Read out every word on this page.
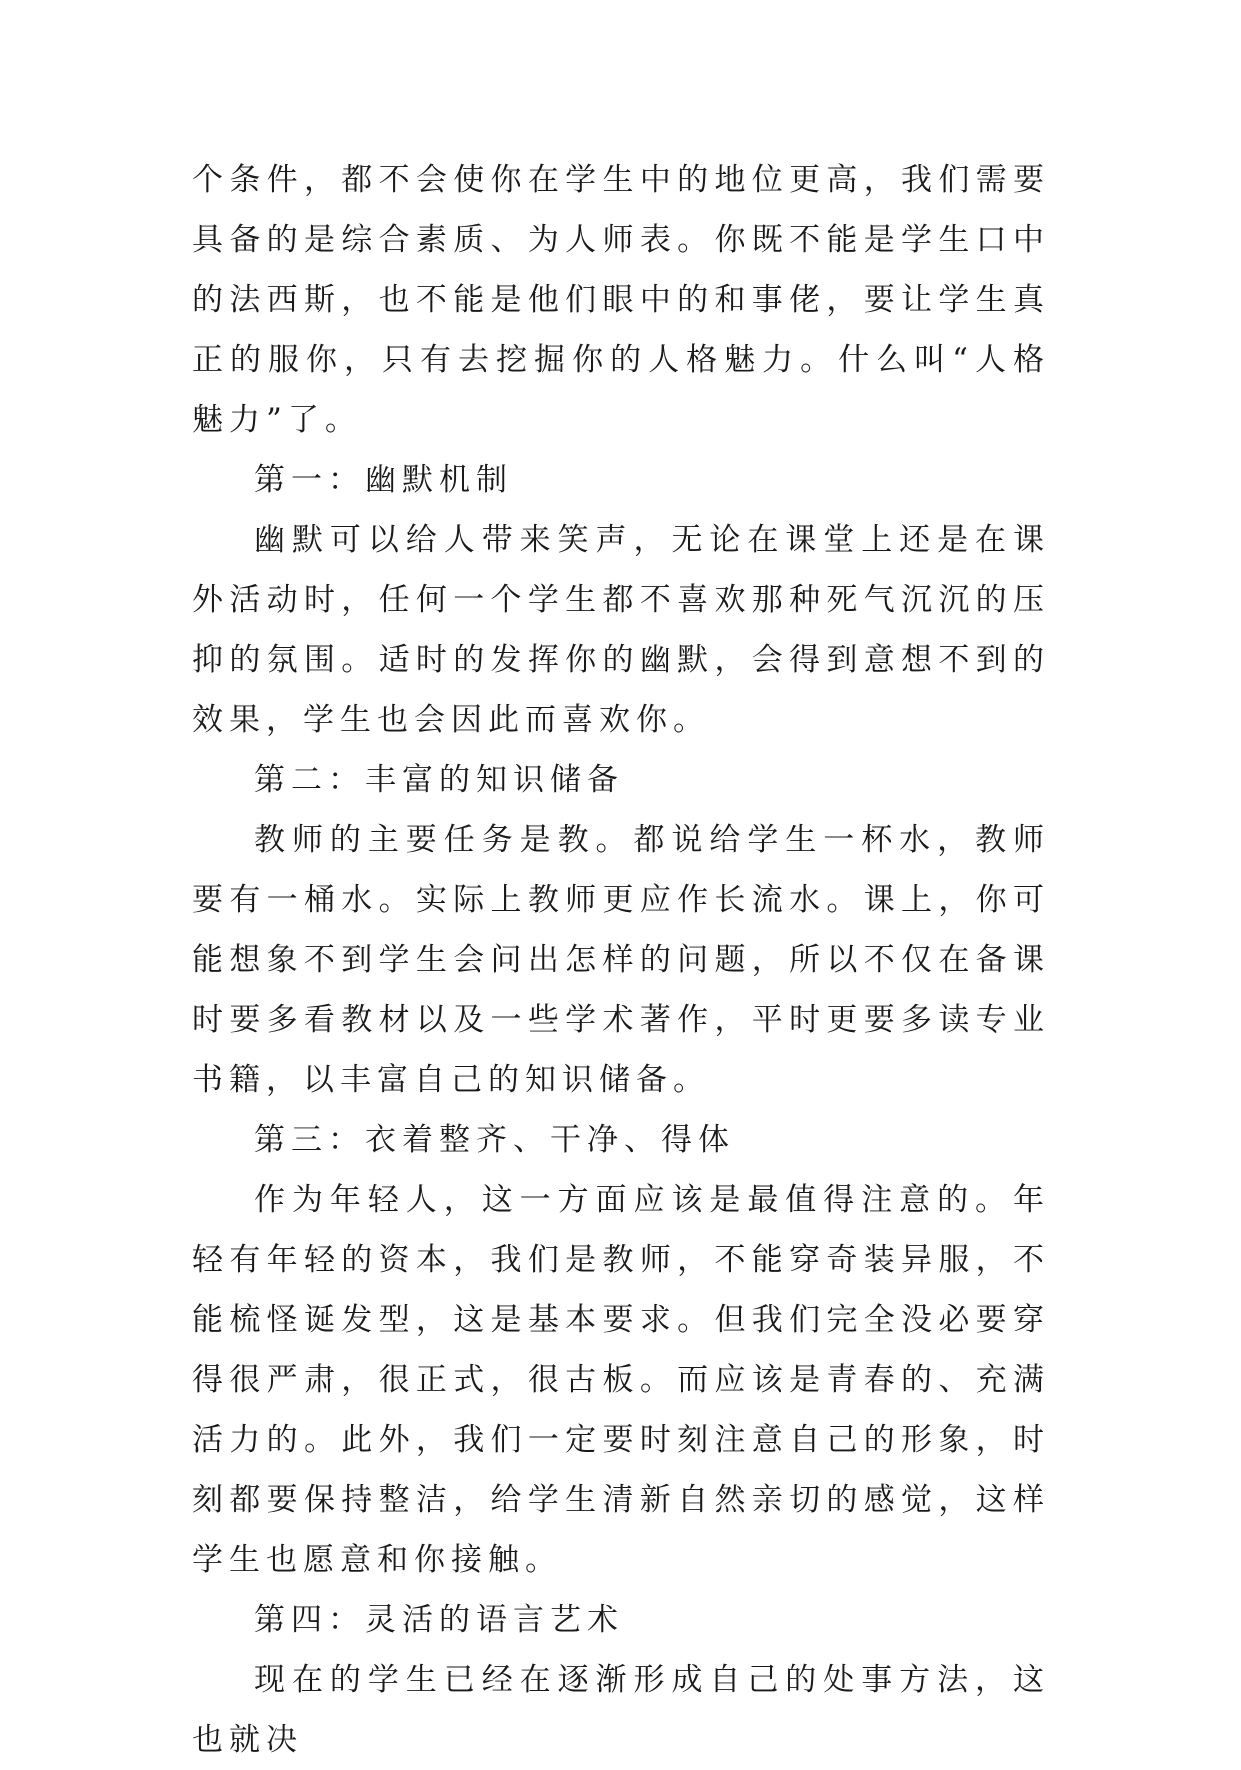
个条件，都不会使你在学生中的地位更高，我们需要具备的是综合素质、为人师表。你既不能是学生口中的法西斯，也不能是他们眼中的和事佬，要让学生真正的服你，只有去挖掘你的人格魅力。什么叫“人格魅力”了。

第一：幽默机制

幽默可以给人带来笑声，无论在课堂上还是在课外活动时，任何一个学生都不喜欢那种死气沉沉的压抑的氛围。适时的发挥你的幽默，会得到意想不到的效果，学生也会因此而喜欢你。

第二：丰富的知识储备

教师的主要任务是教。都说给学生一杯水，教师要有一桶水。实际上教师更应作长流水。课上，你可能想象不到学生会问出怎样的问题，所以不仅在备课时要多看教材以及一些学术著作，平时更要多读专业书籍，以丰富自己的知识储备。

第三：衣着整齐、干净、得体

作为年轻人，这一方面应该是最值得注意的。年轻有年轻的资本，我们是教师，不能穿奇装异服，不能梳怪诞发型，这是基本要求。但我们完全没必要穿得很严肃，很正式，很古板。而应该是青春的、充满活力的。此外，我们一定要时刻注意自己的形象，时刻都要保持整洁，给学生清新自然亲切的感觉，这样学生也愿意和你接触。

第四：灵活的语言艺术

现在的学生已经在逐渐形成自己的处事方法，这也就决
